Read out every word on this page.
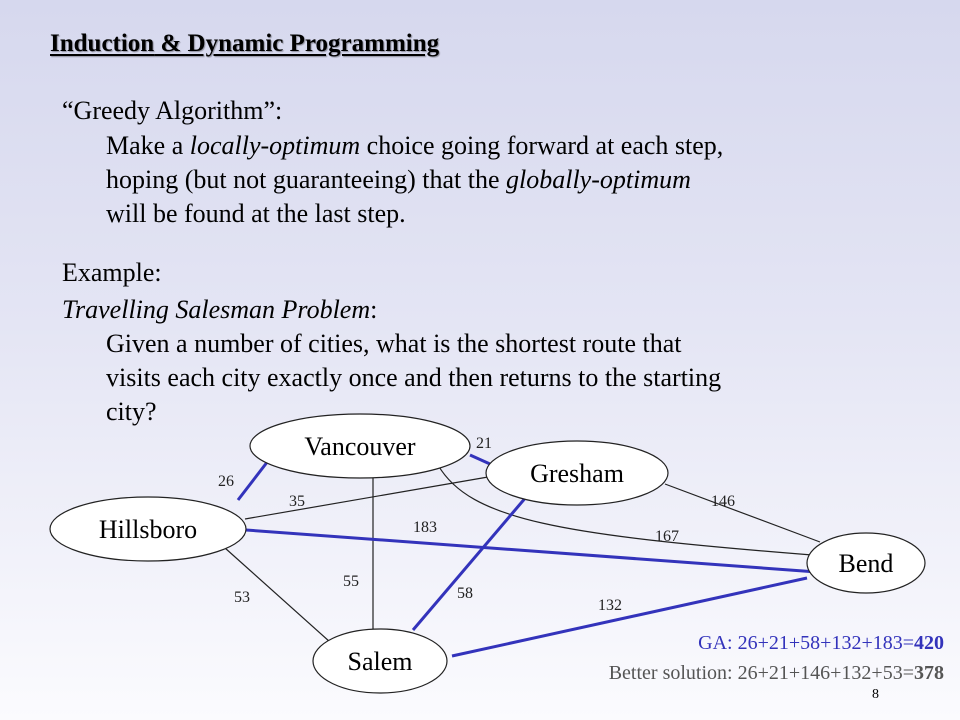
Induction & Dynamic Programming

“Greedy Algorithm”:

Make a locally-optimum choice going forward at each step,
hoping (but not guaranteeing) that the globally-optimum
will be found at the last step.

Example:

Travelling Salesman Problem:

Given a number of cities, what is the shortest route that
visits each city exactly once and then returns to the starting
city?
Vancouver
Gresham
Hillsboro
Bend
Salem
26
21
35	146
167
183
55
53	58
132

GA: 26+21+58+132+183=420

Better solution: 26+21+146+132+53=378

8
